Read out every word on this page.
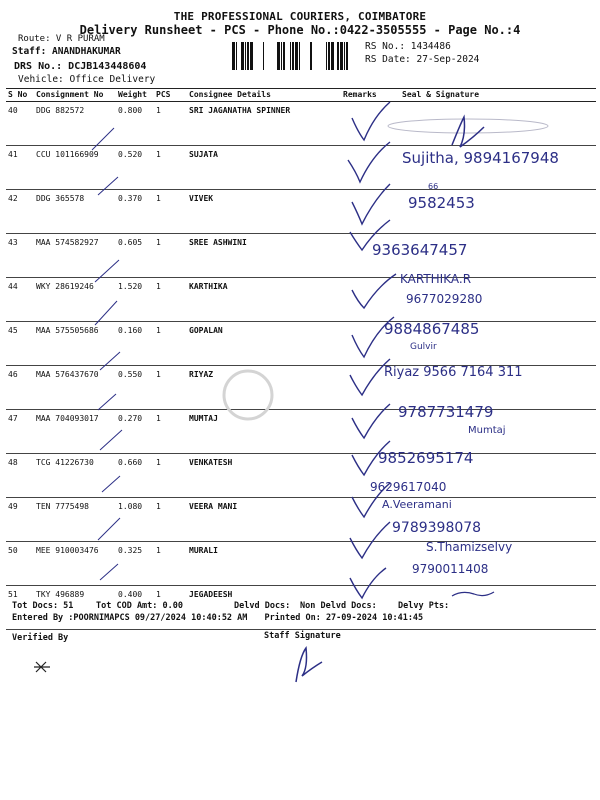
THE PROFESSIONAL COURIERS, COIMBATORE
Delivery Runsheet - PCS - Phone No.:0422-3505555 - Page No.:4
Route: V R PURAM
Staff: ANANDHAKUMAR
DRS No.: DCJB143448604
Vehicle: Office Delivery
RS No.: 1434486
RS Date: 27-Sep-2024
S No Consignment No Weight PCS Consignee Details	Remarks	Seal & Signature
40 DDG 882572	0.800 1	SRI JAGANATHA SPINNER
41 CCU 101166909 0.520 1	SUJATA
42 DDG 365578	0.370 1	VIVEK
43 MAA 574582927 0.605 1	SREE ASHWINI
44 WKY 28619246	1.520 1	KARTHIKA
45 MAA 575505686 0.160 1	GOPALAN
46 MAA 576437670 0.550 1	RIYAZ
47 MAA 704093017 0.270 1	MUMTAJ
48 TCG 41226730	0.660 1	VENKATESH
49 TEN 7775498	1.080 1	VEERA MANI
50 MEE 910003476 0.325 1	MURALI
51 TKY 496889	0.400 1	JEGADEESH
Sujitha, 9894167948
66
9582453
9363647457
KARTHIKA.R
9677029280
9884867485
Gulvir
Riyaz 9566 7164 311
9787731479
Mumtaj
9852695174
9629617040
A.Veeramani
9789398078
S.Thamizselvy
9790011408
Tot Docs: 51	Tot COD Amt: 0.00	Delvd Docs: Non Delvd Docs: Delvy Pts:
Entered By :POORNIMAPCS 09/27/2024 10:40:52 AM Printed On: 27-09-2024 10:41:45
Verified By	Staff Signature
